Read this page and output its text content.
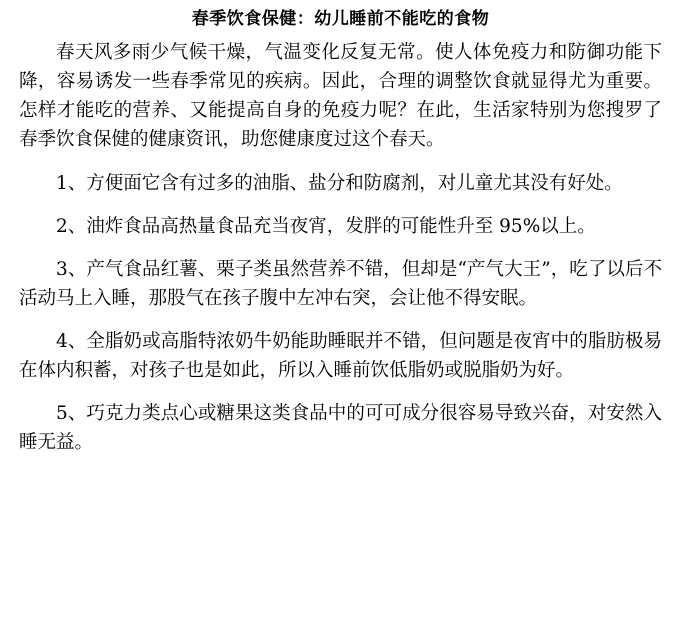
春季饮食保健：幼儿睡前不能吃的食物

春天风多雨少气候干燥，气温变化反复无常。使人体免疫力和防御功能下降，容易诱发一些春季常见的疾病。因此，合理的调整饮食就显得尤为重要。怎样才能吃的营养、又能提高自身的免疫力呢？在此，生活家特别为您搜罗了春季饮食保健的健康资讯，助您健康度过这个春天。

1、方便面它含有过多的油脂、盐分和防腐剂，对儿童尤其没有好处。

2、油炸食品高热量食品充当夜宵，发胖的可能性升至 95%以上。

3、产气食品红薯、栗子类虽然营养不错，但却是“产气大王”，吃了以后不活动马上入睡，那股气在孩子腹中左冲右突，会让他不得安眠。

4、全脂奶或高脂特浓奶牛奶能助睡眠并不错，但问题是夜宵中的脂肪极易在体内积蓄，对孩子也是如此，所以入睡前饮低脂奶或脱脂奶为好。

5、巧克力类点心或糖果这类食品中的可可成分很容易导致兴奋，对安然入睡无益。
